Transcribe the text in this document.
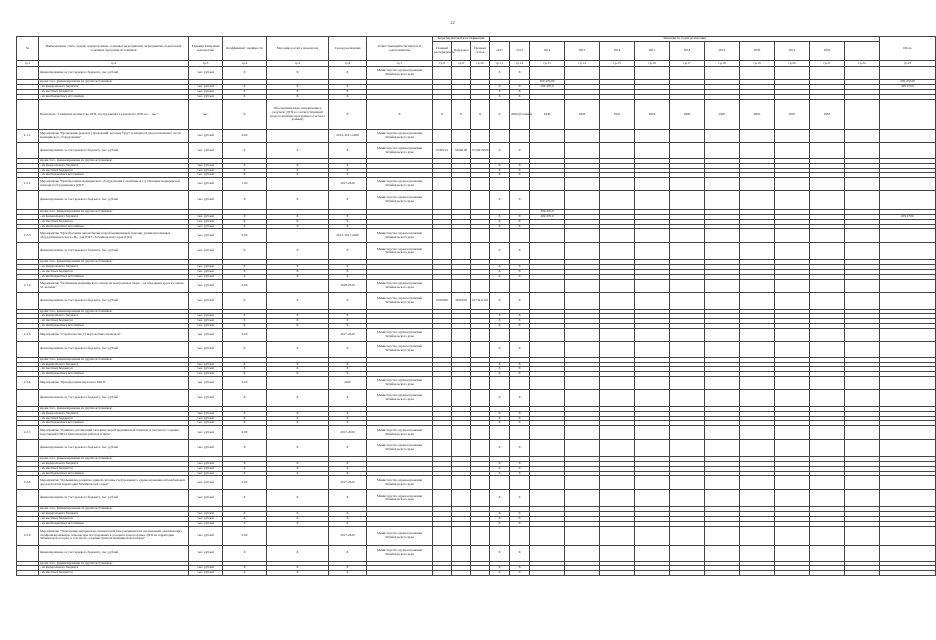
. . . . . . . . . .
22
№	Наименование этапа, задачи, подпрограммы, основных мероприятий, мероприятий, показателей основных программ, источников	Единица измерения показателей	Коэффициент значимости	Методика расчета показателя	Сроки реализации	Ответственный исполнитель и соисполнители	Коды бюджетной классификации			Значения по годам реализации												Итого
							Главный распорядитель	Подраздел	Целевая статья	2017	2013	2014	2015	2016	2017	2018	2019	2020	2021	2022		
гр.1	гр.2	гр.3	гр.4	гр.5	гр.6	гр.7	гр.8	гр.9	гр.10	гр.11	гр.12	гр.13	гр.14	гр.15	гр.16	гр.17	гр.18	гр.19	гр.20	гр.21	гр.22	гр.23
	финансирование за счет краевого бюджета, тыс. рублей	тыс. рублей	X	X	X	Министерство здравоохранения Забайкальского края				X	X											
	кроме того, финансирование из других источников:											209 470,00										209 470,00
	- из федерального бюджета	тыс. рублей	X	X	X					X	X	209 470,0										209 470,0
	- из местных бюджетов	тыс. рублей	X	X	X					X	X											
	- из внебюджетных источников	тыс. рублей	X	X	X					X	X											
	Показатель "Снижение количества ДТП, пострадавших в результате ДТП на ... тыс."	тыс.	X	Обоснование вида, направление и результат ДТП за соответствующий (подготовленные программы отчетного данных)	X	X	X	X	X	X	2000 (базовый)	2940	2904	2925	2916	2900	2905	2905	2005	2963		
2.1.1.	Мероприятие "Проведение ремонта учреждений, которые будут оснащаться для реализации в части медицинского оборудования"	тыс. рублей	0,00		2014, 2017-2020	Министерство здравоохранения Забайкальского края																
	финансирование за счет краевого бюджета, тыс. рублей	тыс. рублей	X	X	X	Министерство здравоохранения Забайкальского края	0530214	52200,00	0710415000	X	X											
	кроме того, финансирование из других источников:																					
	- из федерального бюджета	тыс. рублей	X	X	X					X	X											
	- из местных бюджетов	тыс. рублей	X	X	X					X	X											
	- из внебюджетных источников	тыс. рублей	X	X	X					X	X											
2.2.2.	Мероприятие "Приобретение медицинского оборудования в лечебные и т.д. Оказание медицинской помощи пострадавшим в ДТП"	тыс. рублей	1,00		2017-2020	Министерство здравоохранения Забайкальского края																
	финансирование за счет краевого бюджета, тыс. рублей	тыс. рублей	X	X	X	Министерство здравоохранения Забайкальского края				X	X											
	кроме того, финансирование из других источников:											209 470,0										
	- из федерального бюджета	тыс. рублей	X	X	X					X	X	209 470,0										209 470,0
	- из местных бюджетов	тыс. рублей	X	X	X					X	X											
	- из внебюджетных источников	тыс. рублей	X	X	X					X	X											
2.2.3.	Мероприятие "Приобретение автомобилей скорой медицинской помощи, укомплектованных оборудованием класса «В», для ДТП", Забайкальского края (ГАЗ)	тыс. рублей	0,00		2014, 2017-2020	Министерство здравоохранения Забайкальского края																
	финансирование за счет краевого бюджета, тыс. рублей	тыс. рублей	X	X	X	Министерство здравоохранения Забайкальского края				X	X											
	кроме того, финансирование из других источников:																					
	- из федерального бюджета	тыс. рублей	X	X	X					X	X											
	- из местных бюджетов	тыс. рублей	X	X	X					X	X											
	- из внебюджетных источников	тыс. рублей	X	X	X					X	X											
2.1.4.	Мероприятие "Оснащение медицинского отряда на центральных базах – на объездных дорогах, менее 50 человек"	тыс. рублей	0,00		2018-2020	Министерство здравоохранения Забайкальского края																
	финансирование за счет краевого бюджета, тыс. рублей	тыс. рублей	X	X	X	Министерство здравоохранения Забайкальского края	0520030	4910018	0173411110	X	X											
	кроме того, финансирование из других источников:																					
	- из федерального бюджета	тыс. рублей	X	X	X					X	X											
	- из местных бюджетов	тыс. рублей	X	X	X					X	X											
	- из внебюджетных источников	тыс. рублей	X	X	X					X	X											
2.2.5.	Мероприятие "Строительство 15 вертолетных площадок"	тыс. рублей	0,00		2017-2020	Министерство здравоохранения Забайкальского края																
	финансирование за счет краевого бюджета, тыс. рублей	тыс. рублей	X	X	X	Министерство здравоохранения Забайкальского края				X	X											
	кроме того, финансирование из других источников:																					
	- из федерального бюджета	тыс. рублей	X	X	X					X	X											
	- из местных бюджетов	тыс. рублей	X	X	X					X	X											
	- из внебюджетных источников	тыс. рублей	X	X	X					X	X											
2.2.6.	Мероприятие "Приобретение вертолета МИ-8"	тыс. рублей	0,00		2020	Министерство здравоохранения Забайкальского края																
	финансирование за счет краевого бюджета, тыс. рублей	тыс. рублей	X	X	X	Министерство здравоохранения Забайкальского края				X	X											
	кроме того, финансирование из других источников:																					
	- из федерального бюджета	тыс. рублей	X	X	X					X	X											
	- из местных бюджетов	тыс. рублей	X	X	X					X	X											
	- из внебюджетных источников	тыс. рублей	X	X	X					X	X											
2.2.7.	Мероприятие "Развитие организаций оказания скорой медицинской помощи, в том числе создание подстанций СМП в близлежащих районах к Чите"	тыс. рублей	0,00		2017-2020	Министерство здравоохранения Забайкальского края																
	финансирование за счет краевого бюджета, тыс. рублей	тыс. рублей	X	X	X	Министерство здравоохранения Забайкальского края				X	X											
	кроме того, финансирование из других источников:																					
	- из федерального бюджета	тыс. рублей	X	X	X					X	X											
	- из местных бюджетов	тыс. рублей	X	X	X					X	X											
	- из внебюджетных источников	тыс. рублей	X	X	X					X	X											
2.2.8.	Мероприятие "Дальнейшее развитие единой системы трехуровневого здравоохранения автомобильной дороги на всей территории Забайкальского края"	тыс. рублей	0,00		2017-2020	Министерство здравоохранения Забайкальского края																
	финансирование за счет краевого бюджета, тыс. рублей	тыс. рублей	X	X	X	Министерство здравоохранения Забайкальского края				X	X											
	кроме того, финансирование из других источников:																					
	- из федерального бюджета	тыс. рублей	X	X	X					X	X											
	- из местных бюджетов	тыс. рублей	X	X	X					X	X											
	- из внебюджетных источников	тыс. рублей	X	X	X					X	X											
2.2.9.	Мероприятие "Укрепление материально-технической базы медицинских организаций, оказывающих специализированную помощь при пострадавших в дорожно-транспортных ДТП на территории Забайкальского края, в том числе создание пунктов медицинской помощи"	тыс. рублей	0,00		2017-2020	Министерство здравоохранения Забайкальского края																
	финансирование за счет краевого бюджета, тыс. рублей	тыс. рублей	X	X	X	Министерство здравоохранения Забайкальского края				X	X											
	кроме того, финансирование из других источников:																					
	- из федерального бюджета	тыс. рублей	X	X	X					X	X											
	- из местных бюджетов	тыс. рублей	X	X	X					X	X											
